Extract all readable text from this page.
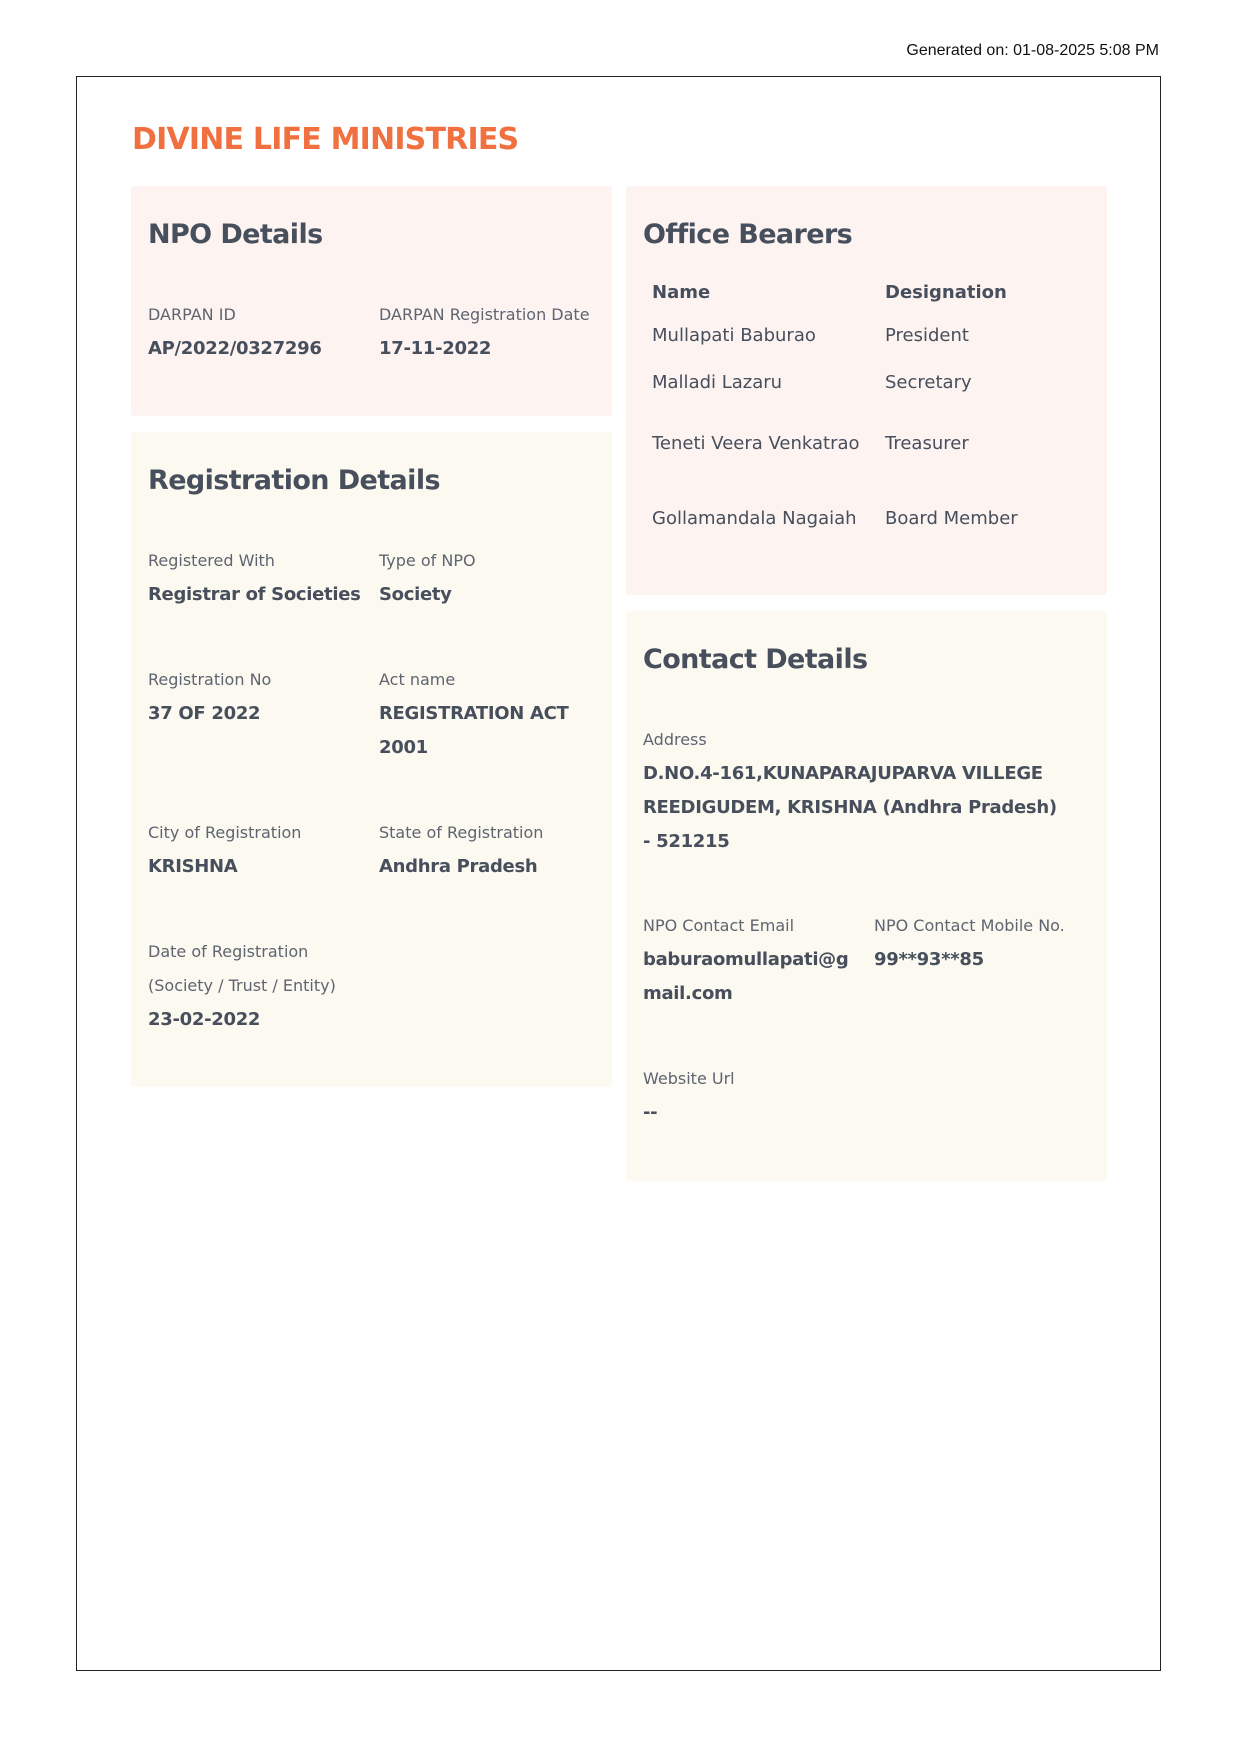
Generated on: 01-08-2025 5:08 PM
DIVINE LIFE MINISTRIES
NPO Details
DARPAN ID
AP/2022/0327296
DARPAN Registration Date
17-11-2022
Registration Details
Registered With
Registrar of Societies
Type of NPO
Society
Registration No
37 OF 2022
Act name
REGISTRATION ACT 2001
City of Registration
KRISHNA
State of Registration
Andhra Pradesh
Date of Registration
(Society / Trust / Entity)
23-02-2022
Office Bearers
Name	Designation
Mullapati Baburao	President
Malladi Lazaru	Secretary
Teneti Veera Venkatrao	Treasurer
Gollamandala Nagaiah	Board Member
Contact Details
Address
D.NO.4-161,KUNAPARAJUPARVA VILLEGE REEDIGUDEM, KRISHNA (Andhra Pradesh) - 521215
NPO Contact Email
baburaomullapati@gmail.com
NPO Contact Mobile No.
99**93**85
Website Url
--
